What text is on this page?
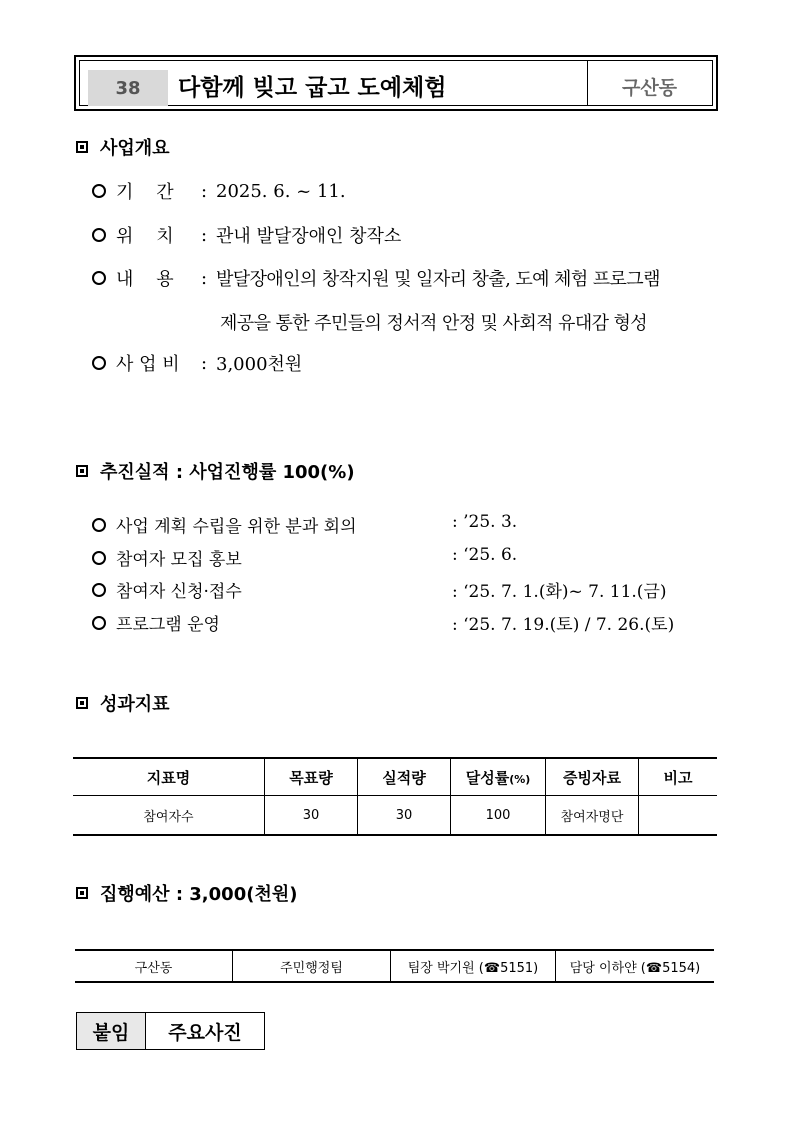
38	다함께 빚고 굽고 도예체험	구산동
사업개요
기    간	: 2025. 6. ~ 11.
위    치	: 관내 발달장애인 창작소
내    용	: 발달장애인의 창작지원 및 일자리 창출, 도예 체험 프로그램
제공을 통한 주민들의 정서적 안정 및 사회적 유대감 형성
사 업 비	: 3,000천원
추진실적 : 사업진행률 100(%)
사업 계획 수립을 위한 분과 회의	: ’25. 3.
참여자 모집 홍보	: ‘25. 6.
참여자 신청·접수	: ‘25. 7. 1.(화)~ 7. 11.(금)
프로그램 운영	: ‘25. 7. 19.(토) / 7. 26.(토)
성과지표
지표명	목표량	실적량	달성률(%)	증빙자료	비고
참여자수	30	30	100	참여자명단	
집행예산 : 3,000(천원)
구산동	주민행정팀	팀장 박기원 (☎5151)	담당 이하얀 (☎5154)
붙임	주요사진
